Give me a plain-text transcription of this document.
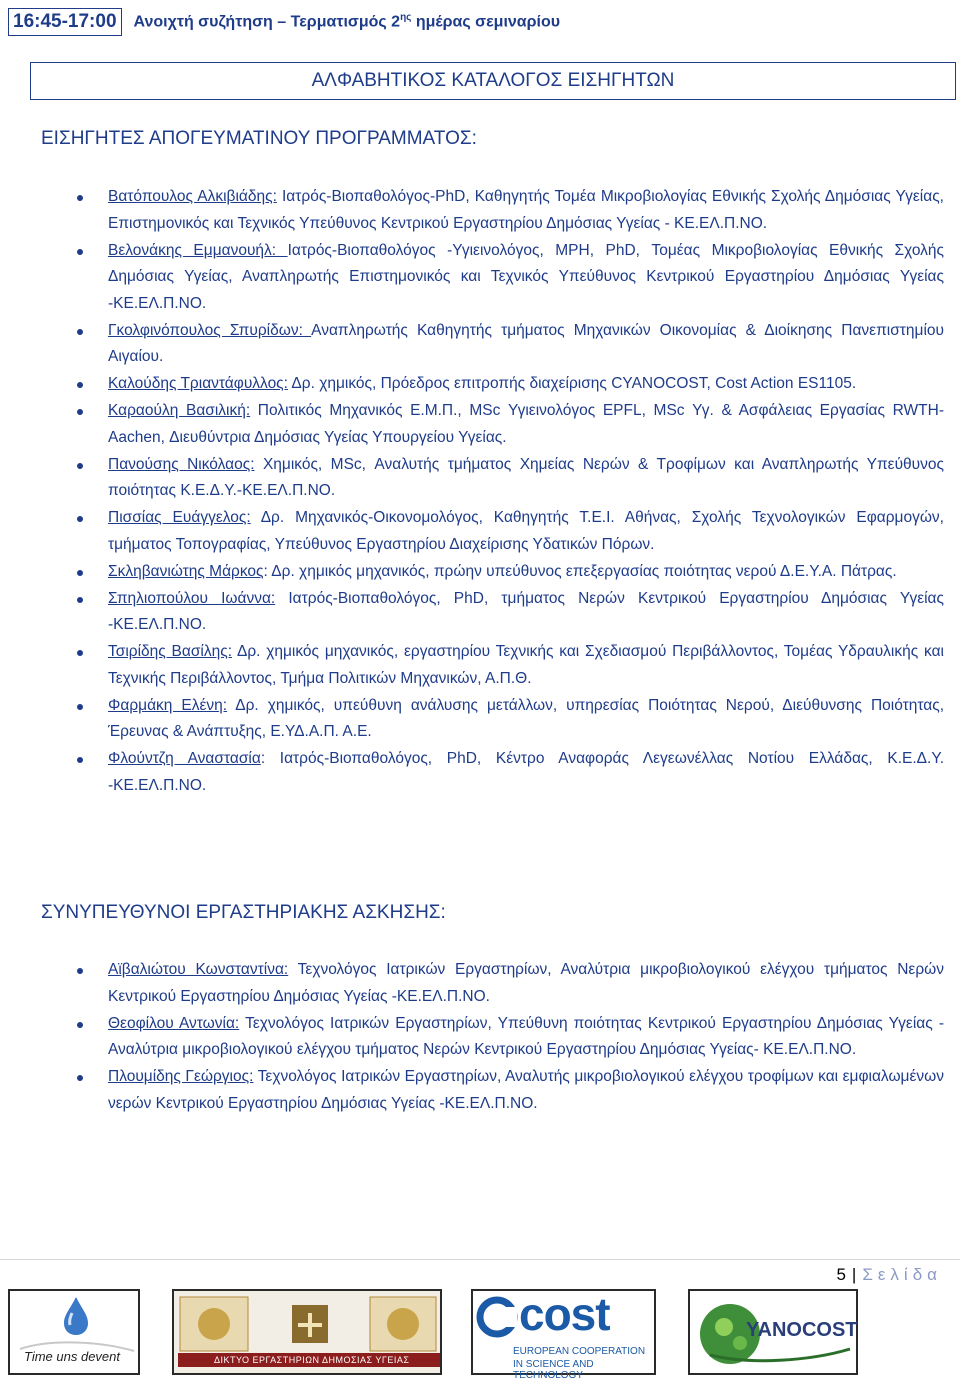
16:45-17:00	Ανοιχτή συζήτηση – Τερματισμός $2^{\eta\varsigma}$ ημέρας σεμιναρίου
ΑΛΦΑΒΗΤΙΚΟΣ ΚΑΤΑΛΟΓΟΣ ΕΙΣΗΓΗΤΩΝ
ΕΙΣΗΓΗΤΕΣ ΑΠΟΓΕΥΜΑΤΙΝΟΥ ΠΡΟΓΡΑΜΜΑΤΟΣ:
Βατόπουλος Αλκιβιάδης: Ιατρός-Βιοπαθολόγος-PhD, Καθηγητής Τομέα Μικροβιολογίας Εθνικής Σχολής Δημόσιας Υγείας, Επιστημονικός και Τεχνικός Υπεύθυνος Κεντρικού Εργαστηρίου Δημόσιας Υγείας - ΚΕ.ΕΛ.Π.ΝΟ.
Βελονάκης Εμμανουήλ: Ιατρός-Βιοπαθολόγος -Υγιεινολόγος, MPH, PhD, Τομέας Μικροβιολογίας Εθνικής Σχολής Δημόσιας Υγείας, Αναπληρωτής Επιστημονικός και Τεχνικός Υπεύθυνος Κεντρικού Εργαστηρίου Δημόσιας Υγείας -ΚΕ.ΕΛ.Π.ΝΟ.
Γκολφινόπουλος Σπυρίδων: Αναπληρωτής Καθηγητής τμήματος Μηχανικών Οικονομίας & Διοίκησης Πανεπιστημίου Αιγαίου.
Καλούδης Τριαντάφυλλος: Δρ. χημικός, Πρόεδρος επιτροπής διαχείρισης CYANOCOST, Cost Action ES1105.
Καραούλη Βασιλική: Πολιτικός Μηχανικός Ε.Μ.Π., MSc Υγιεινολόγος EPFL, MSc Υγ. & Ασφάλειας Εργασίας RWTH-Aachen, Διευθύντρια Δημόσιας Υγείας Υπουργείου Υγείας.
Πανούσης Νικόλαος: Χημικός, MSc, Αναλυτής τμήματος Χημείας Νερών & Τροφίμων και Αναπληρωτής Υπεύθυνος ποιότητας Κ.Ε.Δ.Υ.-ΚΕ.ΕΛ.Π.ΝΟ.
Πισσίας Ευάγγελος: Δρ. Μηχανικός-Οικονομολόγος, Καθηγητής Τ.Ε.Ι. Αθήνας, Σχολής Τεχνολογικών Εφαρμογών, τμήματος Τοπογραφίας, Υπεύθυνος Εργαστηρίου Διαχείρισης Υδατικών Πόρων.
Σκληβανιώτης Μάρκος: Δρ. χημικός μηχανικός, πρώην υπεύθυνος επεξεργασίας ποιότητας νερού Δ.Ε.Υ.Α. Πάτρας.
Σπηλιοπούλου Ιωάννα: Ιατρός-Βιοπαθολόγος, PhD, τμήματος Νερών Κεντρικού Εργαστηρίου Δημόσιας Υγείας -ΚΕ.ΕΛ.Π.ΝΟ.
Τσιρίδης Βασίλης: Δρ. χημικός μηχανικός, εργαστηρίου Τεχνικής και Σχεδιασμού Περιβάλλοντος, Τομέας Υδραυλικής και Τεχνικής Περιβάλλοντος, Τμήμα Πολιτικών Μηχανικών, Α.Π.Θ.
Φαρμάκη Ελένη: Δρ. χημικός, υπεύθυνη ανάλυσης μετάλλων, υπηρεσίας Ποιότητας Νερού, Διεύθυνσης Ποιότητας, Έρευνας & Ανάπτυξης, Ε.ΥΔ.Α.Π. Α.Ε.
Φλούντζη Αναστασία: Ιατρός-Βιοπαθολόγος, PhD, Κέντρο Αναφοράς Λεγεωνέλλας Νοτίου Ελλάδας, Κ.Ε.Δ.Υ. -ΚΕ.ΕΛ.Π.ΝΟ.
ΣΥΝΥΠΕΥΘΥΝΟΙ ΕΡΓΑΣΤΗΡΙΑΚΗΣ ΑΣΚΗΣΗΣ:
Αϊβαλιώτου Κωνσταντίνα: Τεχνολόγος Ιατρικών Εργαστηρίων, Αναλύτρια μικροβιολογικού ελέγχου τμήματος Νερών Κεντρικού Εργαστηρίου Δημόσιας Υγείας -ΚΕ.ΕΛ.Π.ΝΟ.
Θεοφίλου Αντωνία: Τεχνολόγος Ιατρικών Εργαστηρίων, Υπεύθυνη ποιότητας Κεντρικού Εργαστηρίου Δημόσιας Υγείας - Αναλύτρια μικροβιολογικού ελέγχου τμήματος Νερών Κεντρικού Εργαστηρίου Δημόσιας Υγείας- ΚΕ.ΕΛ.Π.ΝΟ.
Πλουμίδης Γεώργιος: Τεχνολόγος Ιατρικών Εργαστηρίων, Αναλυτής μικροβιολογικού ελέγχου τροφίμων και εμφιαλωμένων νερών Κεντρικού Εργαστηρίου Δημόσιας Υγείας -ΚΕ.ΕΛ.Π.ΝΟ.
5 | Σελίδα
Time uns devent	ΔΙΚΤΥΟ ΕΡΓΑΣΤΗΡΙΩΝ ΔΗΜΟΣΙΑΣ ΥΓΕΙΑΣ
cost
EUROPEAN COOPERATION
IN SCIENCE AND TECHNOLOGY
YANOCOST
